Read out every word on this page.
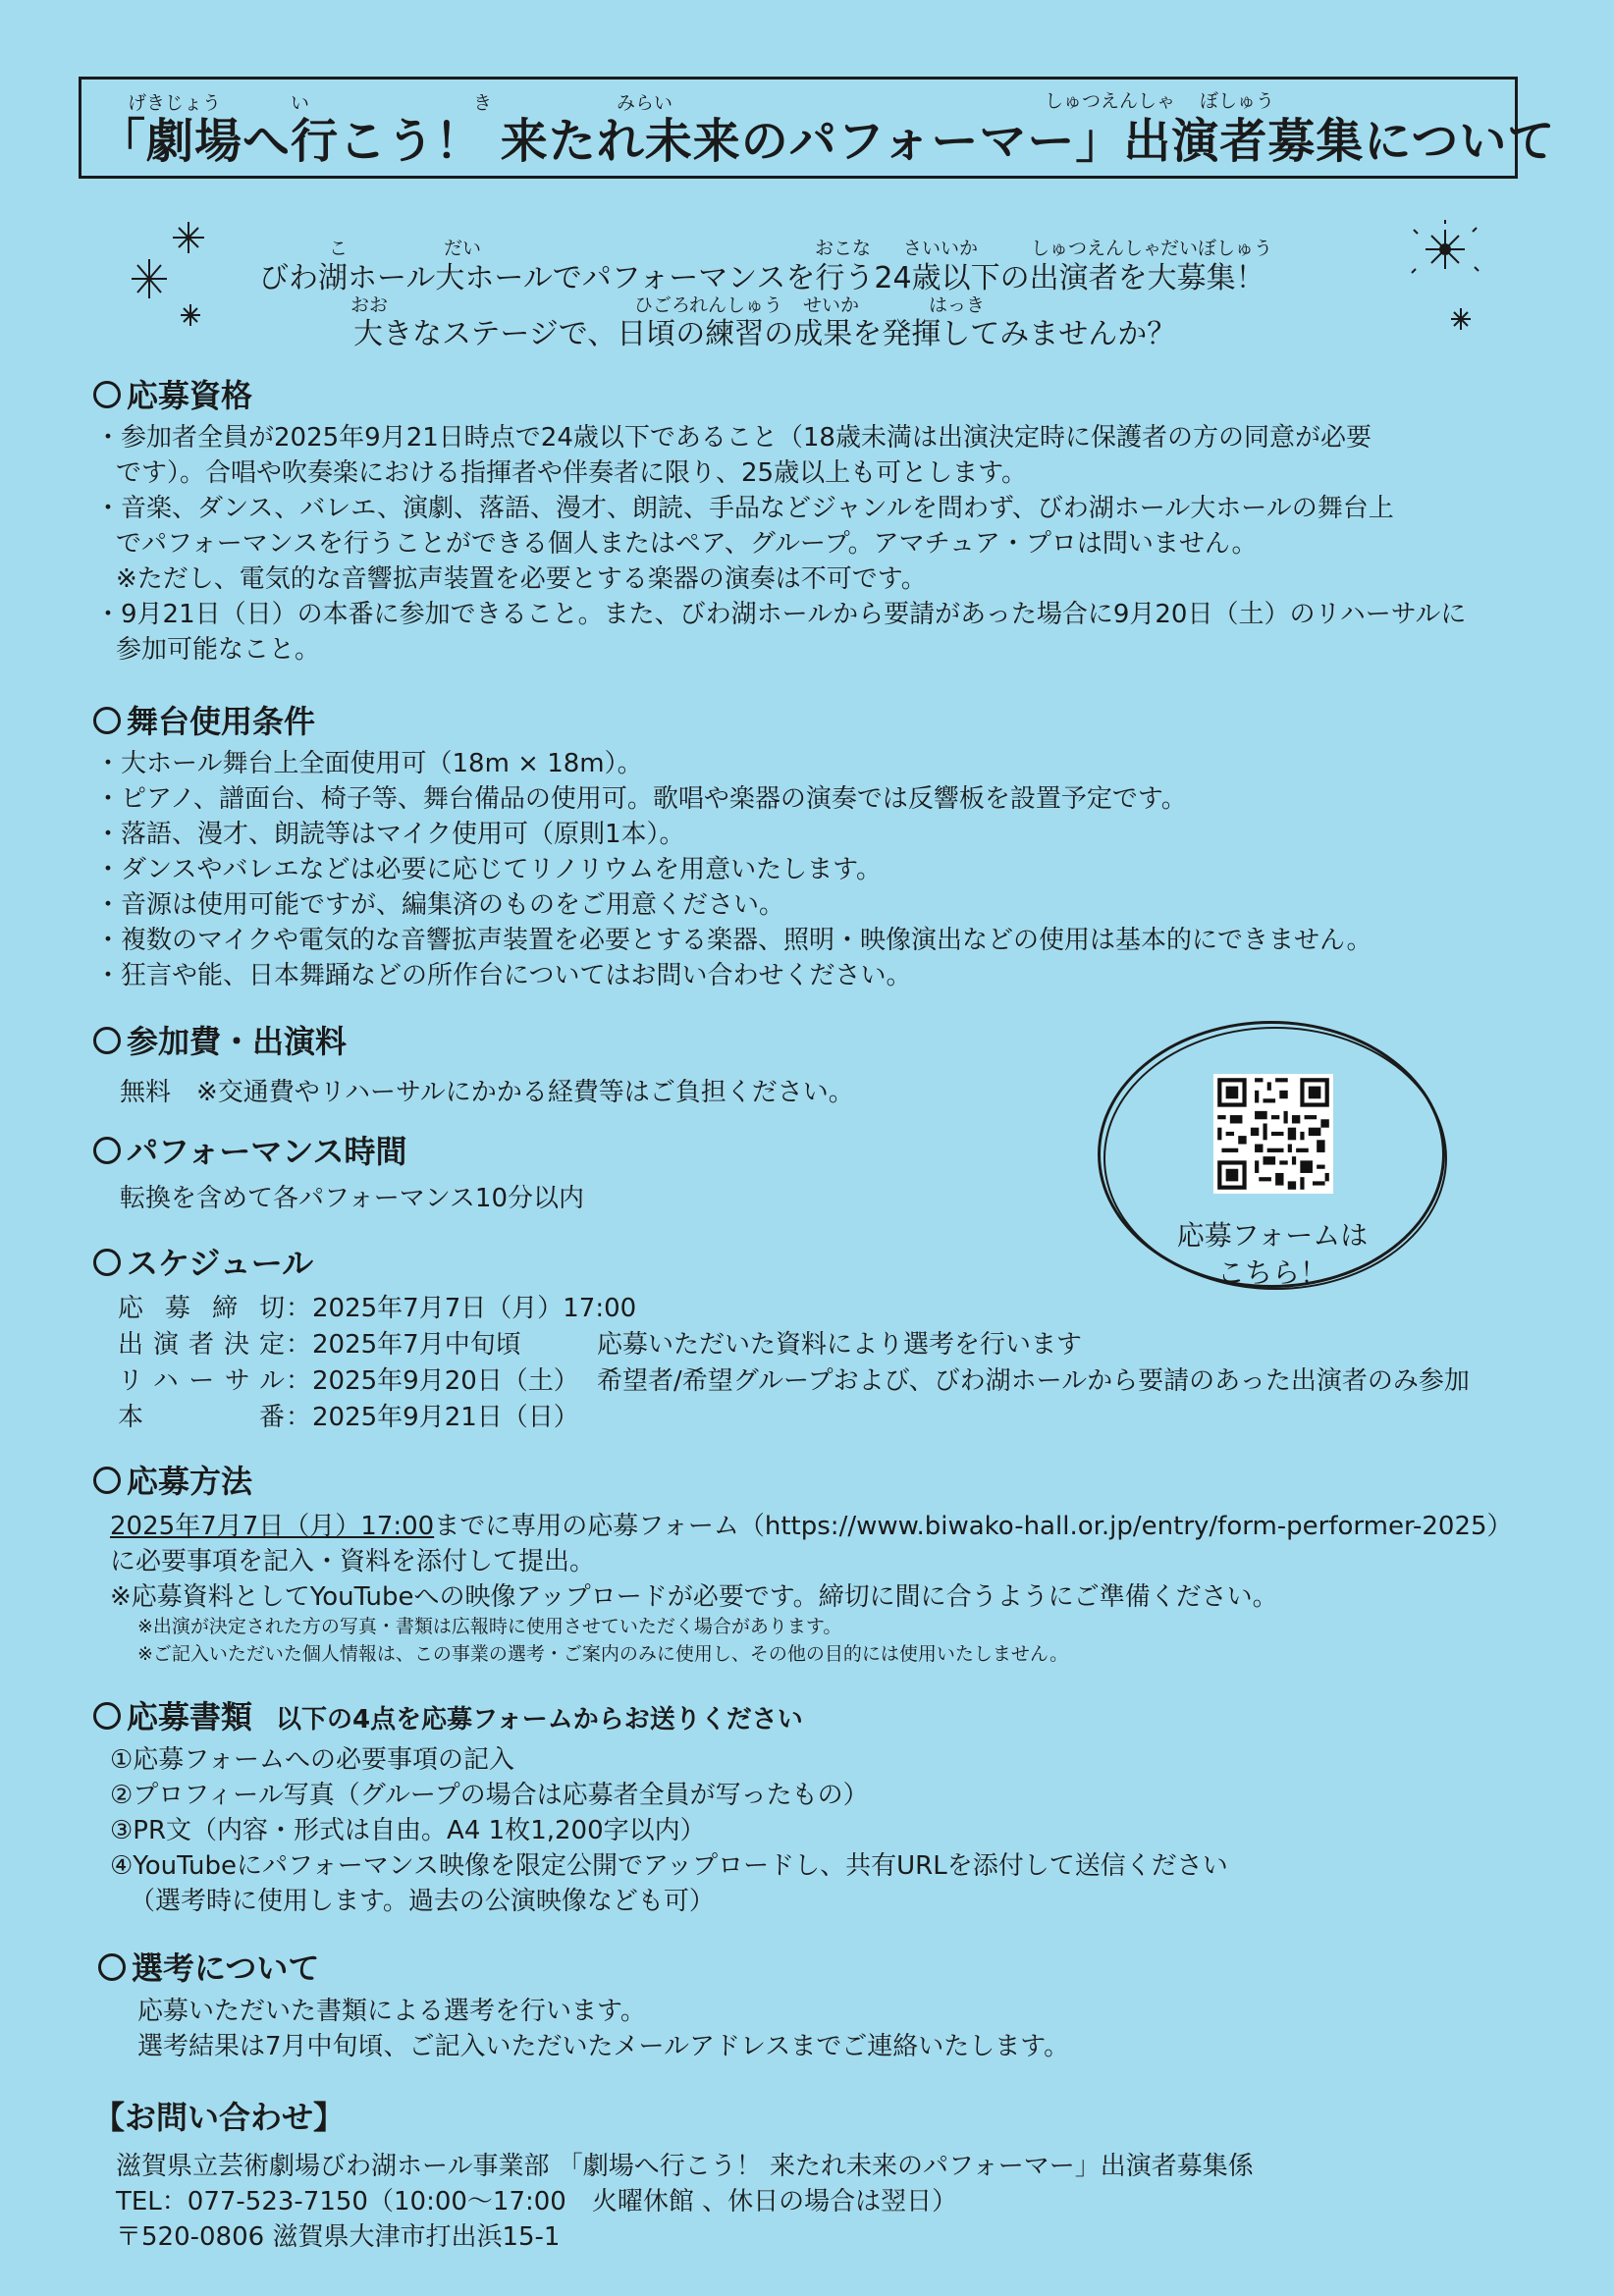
げきじょう	い	き	みらい	しゅつえんしゃ ぼしゅう
「劇場へ行こう！ 来たれ未来のパフォーマー」出演者募集について
こ	だい	おこな さいいか	しゅつえんしゃ
だいぼしゅう
びわ湖ホール大ホールでパフォーマンスを行う24歳以下の出演者を大募集！
おお	ひごろ
れんしゅう せいか	はっき
大きなステージで、日頃の練習の成果を発揮してみませんか？
応募資格
・参加者全員が2025年9月21日時点で24歳以下であること（18歳未満は出演決定時に保護者の方の同意が必要
です）。合唱や吹奏楽における指揮者や伴奏者に限り、25歳以上も可とします。
・音楽、ダンス、バレエ、演劇、落語、漫才、朗読、手品などジャンルを問わず、びわ湖ホール大ホールの舞台上
でパフォーマンスを行うことができる個人またはペア、グループ。アマチュア・プロは問いません。
※ただし、電気的な音響拡声装置を必要とする楽器の演奏は不可です。
・9月21日（日）の本番に参加できること。また、びわ湖ホールから要請があった場合に9月20日（土）のリハーサルに
参加可能なこと。
舞台使用条件
・大ホール舞台上全面使用可（18m × 18m）。
・ピアノ、譜面台、椅子等、舞台備品の使用可。歌唱や楽器の演奏では反響板を設置予定です。
・落語、漫才、朗読等はマイク使用可（原則1本）。
・ダンスやバレエなどは必要に応じてリノリウムを用意いたします。
・音源は使用可能ですが、編集済のものをご用意ください。
・複数のマイクや電気的な音響拡声装置を必要とする楽器、照明・映像演出などの使用は基本的にできません。
・狂言や能、日本舞踊などの所作台についてはお問い合わせください。
参加費・出演料
無料　※交通費やリハーサルにかかる経費等はご負担ください。
応募フォームは
こちら！
パフォーマンス時間
転換を含めて各パフォーマンス10分以内
スケジュール
応募締切：2025年7月7日（月）17:00
出演者決定：2025年7月中旬頃	応募いただいた資料により選考を行います
リハーサル：2025年9月20日（土） 希望者/希望グループおよび、びわ湖ホールから要請のあった出演者のみ参加
本　番：2025年9月21日（日）
応募方法
2025年7月7日（月）17:00までに専用の応募フォーム（https://www.biwako-hall.or.jp/entry/form-performer-2025）
に必要事項を記入・資料を添付して提出。
※応募資料としてYouTubeへの映像アップロードが必要です。締切に間に合うようにご準備ください。
※出演が決定された方の写真・書類は広報時に使用させていただく場合があります。
※ご記入いただいた個人情報は、この事業の選考・ご案内のみに使用し、その他の目的には使用いたしません。
応募書類 以下の4点を応募フォームからお送りください
①応募フォームへの必要事項の記入
②プロフィール写真（グループの場合は応募者全員が写ったもの）
③PR文（内容・形式は自由。A4 1枚1,200字以内）
④YouTubeにパフォーマンス映像を限定公開でアップロードし、共有URLを添付して送信ください
（選考時に使用します。過去の公演映像なども可）
選考について
応募いただいた書類による選考を行います。
選考結果は7月中旬頃、ご記入いただいたメールアドレスまでご連絡いたします。
【お問い合わせ】
滋賀県立芸術劇場びわ湖ホール事業部 「劇場へ行こう！ 来たれ未来のパフォーマー」出演者募集係
TEL：077-523-7150（10:00～17:00　火曜休館 、休日の場合は翌日）
〒520-0806 滋賀県大津市打出浜15-1
